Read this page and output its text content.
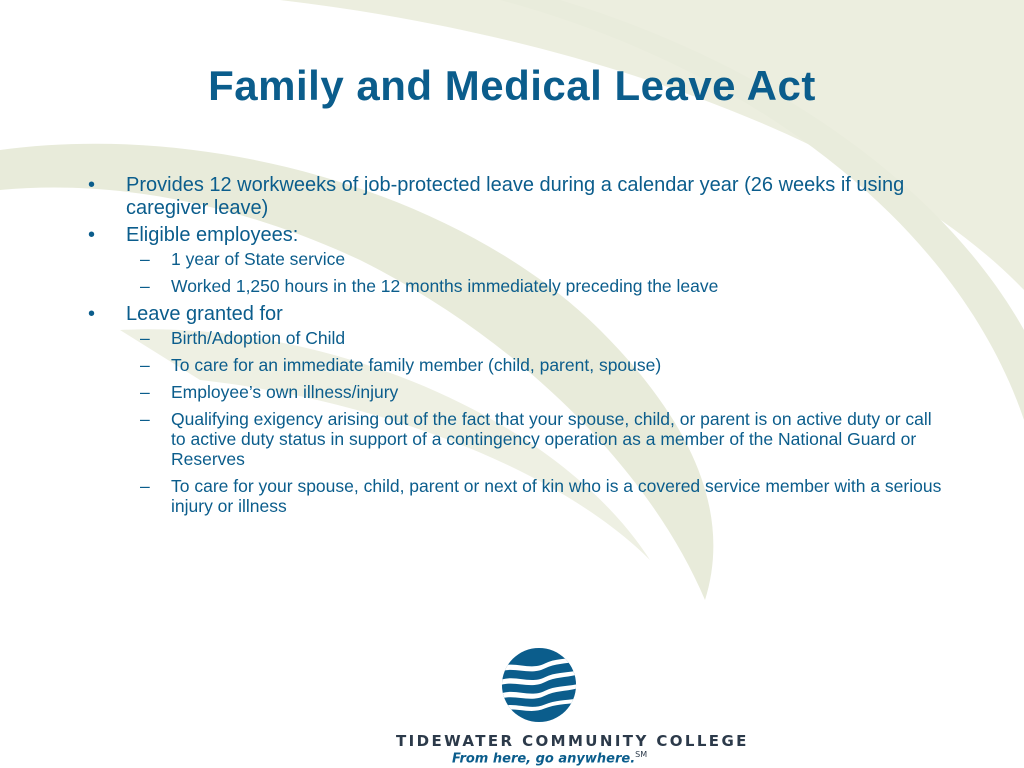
Family and Medical Leave Act
• Provides 12 workweeks of job-protected leave during a calendar year (26 weeks if using caregiver leave)
• Eligible employees:
– 1 year of State service
– Worked 1,250 hours in the 12 months immediately preceding the leave
• Leave granted for
– Birth/Adoption of Child
– To care for an immediate family member (child, parent, spouse)
– Employee’s own illness/injury
– Qualifying exigency arising out of the fact that your spouse, child, or parent is on active duty or call to active duty status in support of a contingency operation as a member of the National Guard or Reserves
– To care for your spouse, child, parent or next of kin who is a covered service member with a serious injury or illness
TIDEWATER COMMUNITY COLLEGE
From here, go anywhere.℠
